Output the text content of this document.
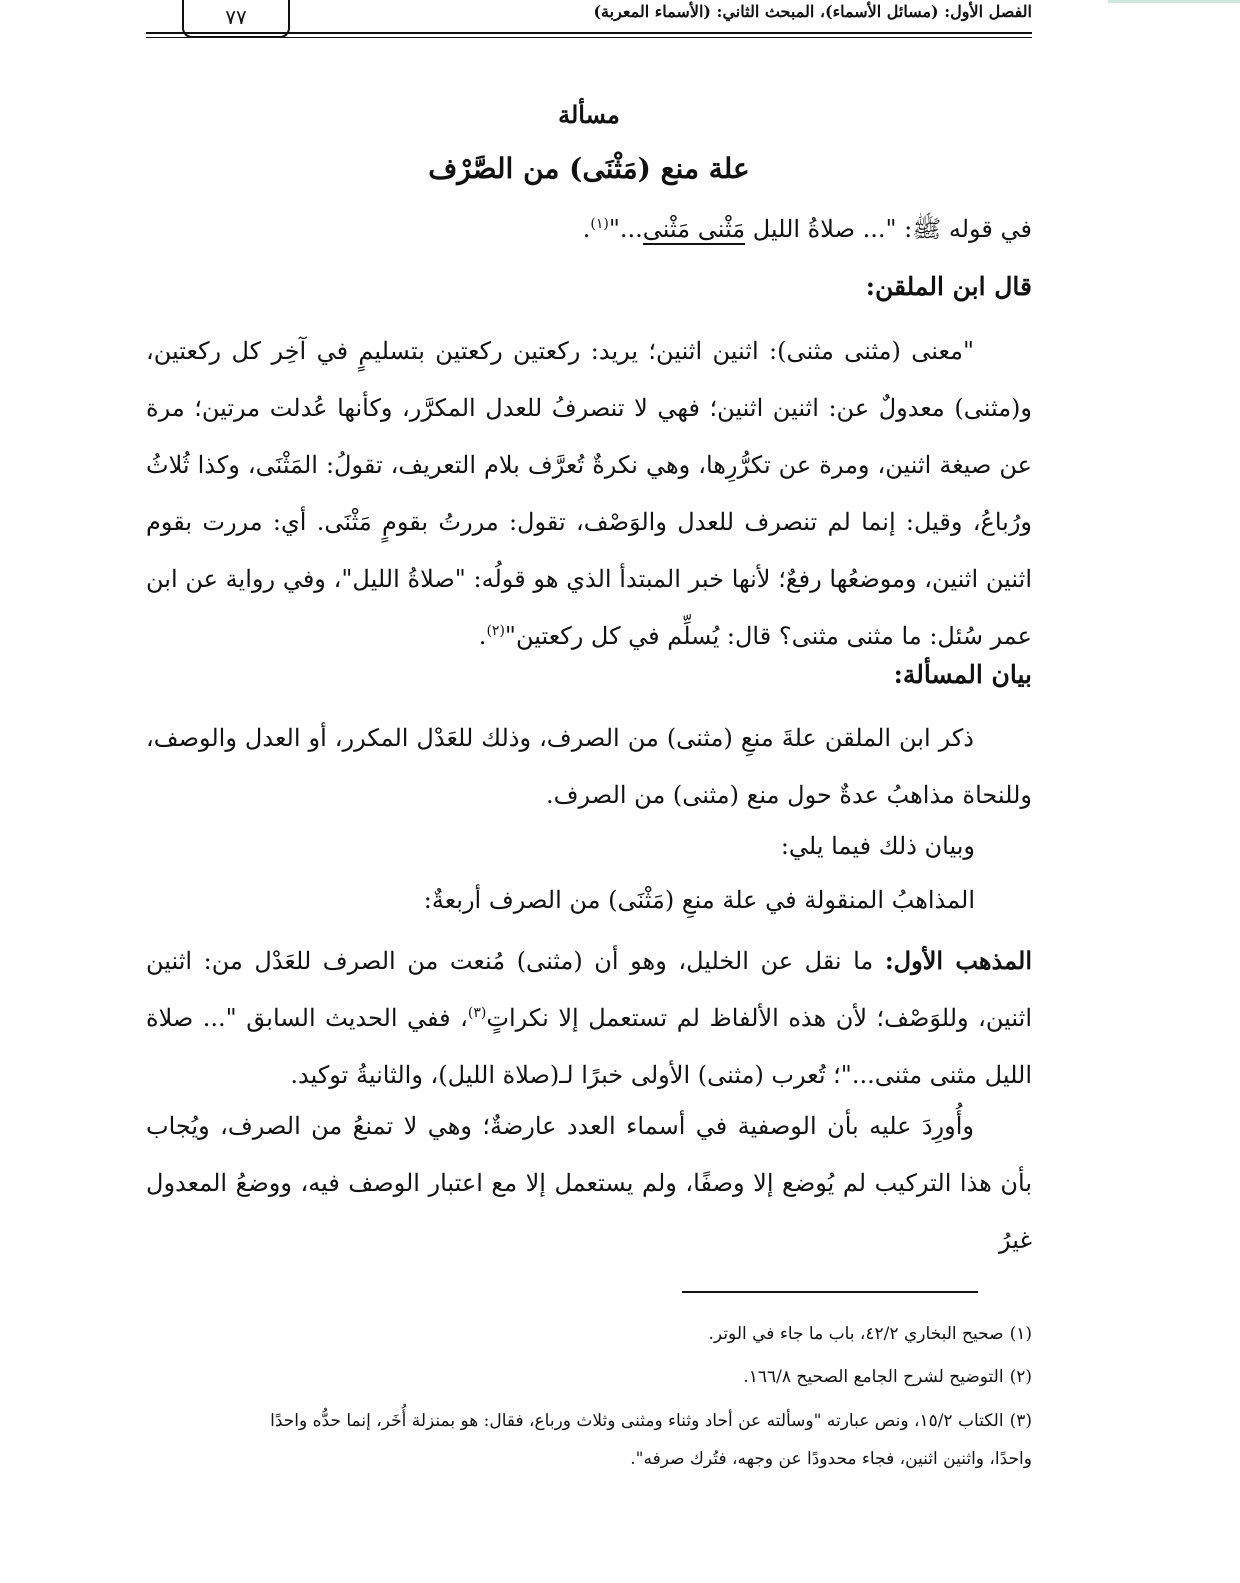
الفصل الأول: (مسائل الأسماء)، المبحث الثاني: (الأسماء المعربة)
٧٧
مسألة
علة منع (مَثْنَى) من الصَّرْف
في قوله ﷺ: "... صلاةُ الليل مَثْنى مَثْنى..."$^{(١)}$.
قال ابن الملقن:
"معنى (مثنى مثنى): اثنين اثنين؛ يريد: ركعتين ركعتين بتسليمٍ في آخِر كل ركعتين، و(مثنى) معدولٌ عن: اثنين اثنين؛ فهي لا تنصرفُ للعدل المكرَّر، وكأنها عُدلت مرتين؛ مرة عن صيغة اثنين، ومرة عن تكرُّرِها، وهي نكرةٌ تُعرَّف بلام التعريف، تقولُ: المَثْنَى، وكذا ثُلاثُ ورُباعُ، وقيل: إنما لم تنصرف للعدل والوَصْف، تقول: مررتُ بقومٍ مَثْنَى. أي: مررت بقوم اثنين اثنين، وموضعُها رفعٌ؛ لأنها خبر المبتدأ الذي هو قولُه: "صلاةُ الليل"، وفي رواية عن ابن عمر سُئل: ما مثنى مثنى؟ قال: يُسلِّم في كل ركعتين"$^{(٢)}$.
بيان المسألة:
ذكر ابن الملقن علةَ منعِ (مثنى) من الصرف، وذلك للعَدْل المكرر، أو العدل والوصف، وللنحاة مذاهبُ عدةٌ حول منع (مثنى) من الصرف.
وبيان ذلك فيما يلي:
المذاهبُ المنقولة في علة منعِ (مَثْنَى) من الصرف أربعةٌ:
المذهب الأول: ما نقل عن الخليل، وهو أن (مثنى) مُنعت من الصرف للعَدْل من: اثنين اثنين، وللوَصْف؛ لأن هذه الألفاظ لم تستعمل إلا نكراتٍ$^{(٣)}$، ففي الحديث السابق "... صلاة الليل مثنى مثنى..."؛ تُعرب (مثنى) الأولى خبرًا لـ(صلاة الليل)، والثانيةُ توكيد.
وأُورِدَ عليه بأن الوصفية في أسماء العدد عارضةٌ؛ وهي لا تمنعُ من الصرف، ويُجاب بأن هذا التركيب لم يُوضع إلا وصفًا، ولم يستعمل إلا مع اعتبار الوصف فيه، ووضعُ المعدول غيرُ
(١)صحيح البخاري ٤٢/٢، باب ما جاء في الوتر.
(٢)التوضيح لشرح الجامع الصحيح ١٦٦/٨.
(٣)الكتاب ١٥/٢، ونص عبارته "وسألته عن أحاد وثناء ومثنى وثلاث ورباع، فقال: هو بمنزلة أُخَر، إنما حدُّه واحدًا
واحدًا، واثنين اثنين، فجاء محدودًا عن وجهه، فتُرك صرفه".
